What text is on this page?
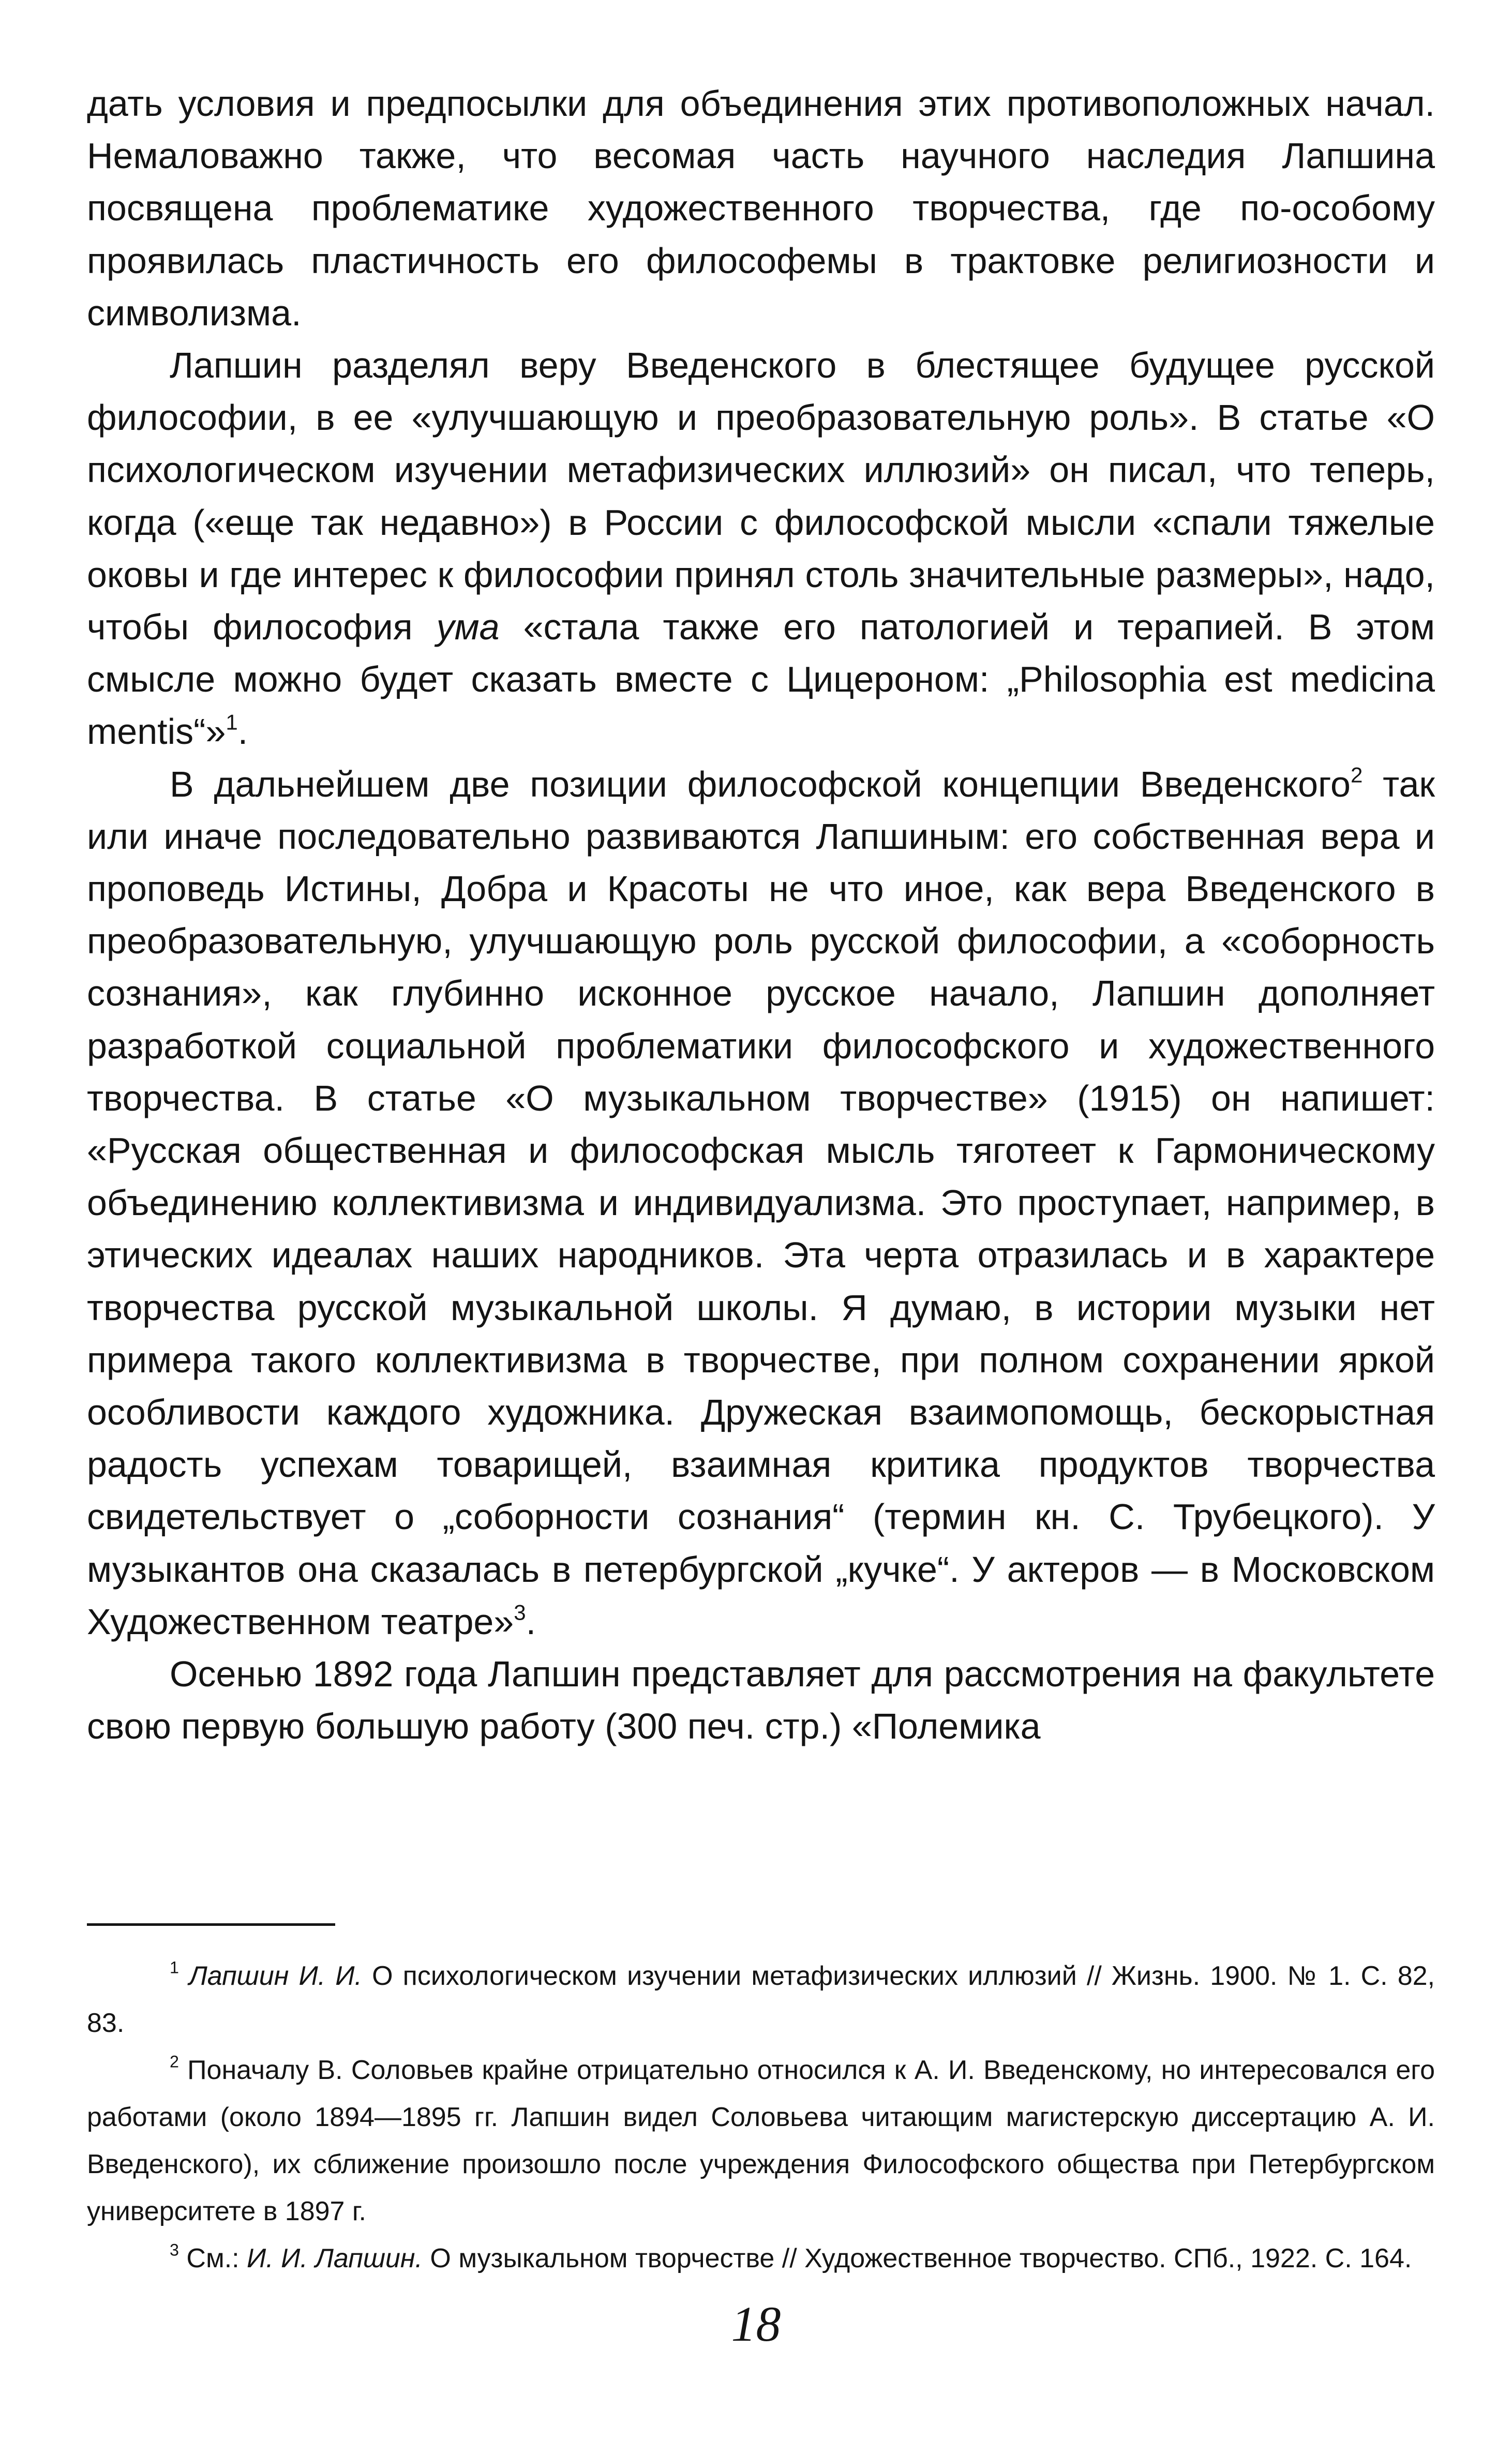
дать условия и предпосылки для объединения этих противоположных начал. Немаловажно также, что весомая часть научного наследия Лапшина посвящена проблематике художественного творчества, где по-особому проявилась пластичность его философемы в трактовке религиозности и символизма.

Лапшин разделял веру Введенского в блестящее будущее русской философии, в ее «улучшающую и преобразовательную роль». В статье «О психологическом изучении метафизических иллюзий» он писал, что теперь, когда («еще так недавно») в России с философской мысли «спали тяжелые оковы и где интерес к философии принял столь значительные размеры», надо, чтобы философия ума «стала также его патологией и терапией. В этом смысле можно будет сказать вместе с Цицероном: „Philosophia est medicina mentis“»$^1$.

В дальнейшем две позиции философской концепции Введенского$^2$ так или иначе последовательно развиваются Лапшиным: его собственная вера и проповедь Истины, Добра и Красоты не что иное, как вера Введенского в преобразовательную, улучшающую роль русской философии, а «соборность сознания», как глубинно исконное русское начало, Лапшин дополняет разработкой социальной проблематики философского и художественного творчества. В статье «О музыкальном творчестве» (1915) он напишет: «Русская общественная и философская мысль тяготеет к Гармоническому объединению коллективизма и индивидуализма. Это проступает, например, в этических идеалах наших народников. Эта черта отразилась и в характере творчества русской музыкальной школы. Я думаю, в истории музыки нет примера такого коллективизма в творчестве, при полном сохранении яркой особливости каждого художника. Дружеская взаимопомощь, бескорыстная радость успехам товарищей, взаимная критика продуктов творчества свидетельствует о „соборности сознания“ (термин кн. С. Трубецкого). У музыкантов она сказалась в петербургской „кучке“. У актеров — в Московском Художественном театре»$^3$.

Осенью 1892 года Лапшин представляет для рассмотрения на факультете свою первую большую работу (300 печ. стр.) «Полемика

$^1$ Лапшин И. И. О психологическом изучении метафизических иллюзий // Жизнь. 1900. № 1. С. 82, 83.

$^2$ Поначалу В. Соловьев крайне отрицательно относился к А. И. Введенскому, но интересовался его работами (около 1894—1895 гг. Лапшин видел Соловьева читающим магистерскую диссертацию А. И. Введенского), их сближение произошло после учреждения Философского общества при Петербургском университете в 1897 г.

$^3$ См.: И. И. Лапшин. О музыкальном творчестве // Художественное творчество. СПб., 1922. С. 164.

18
